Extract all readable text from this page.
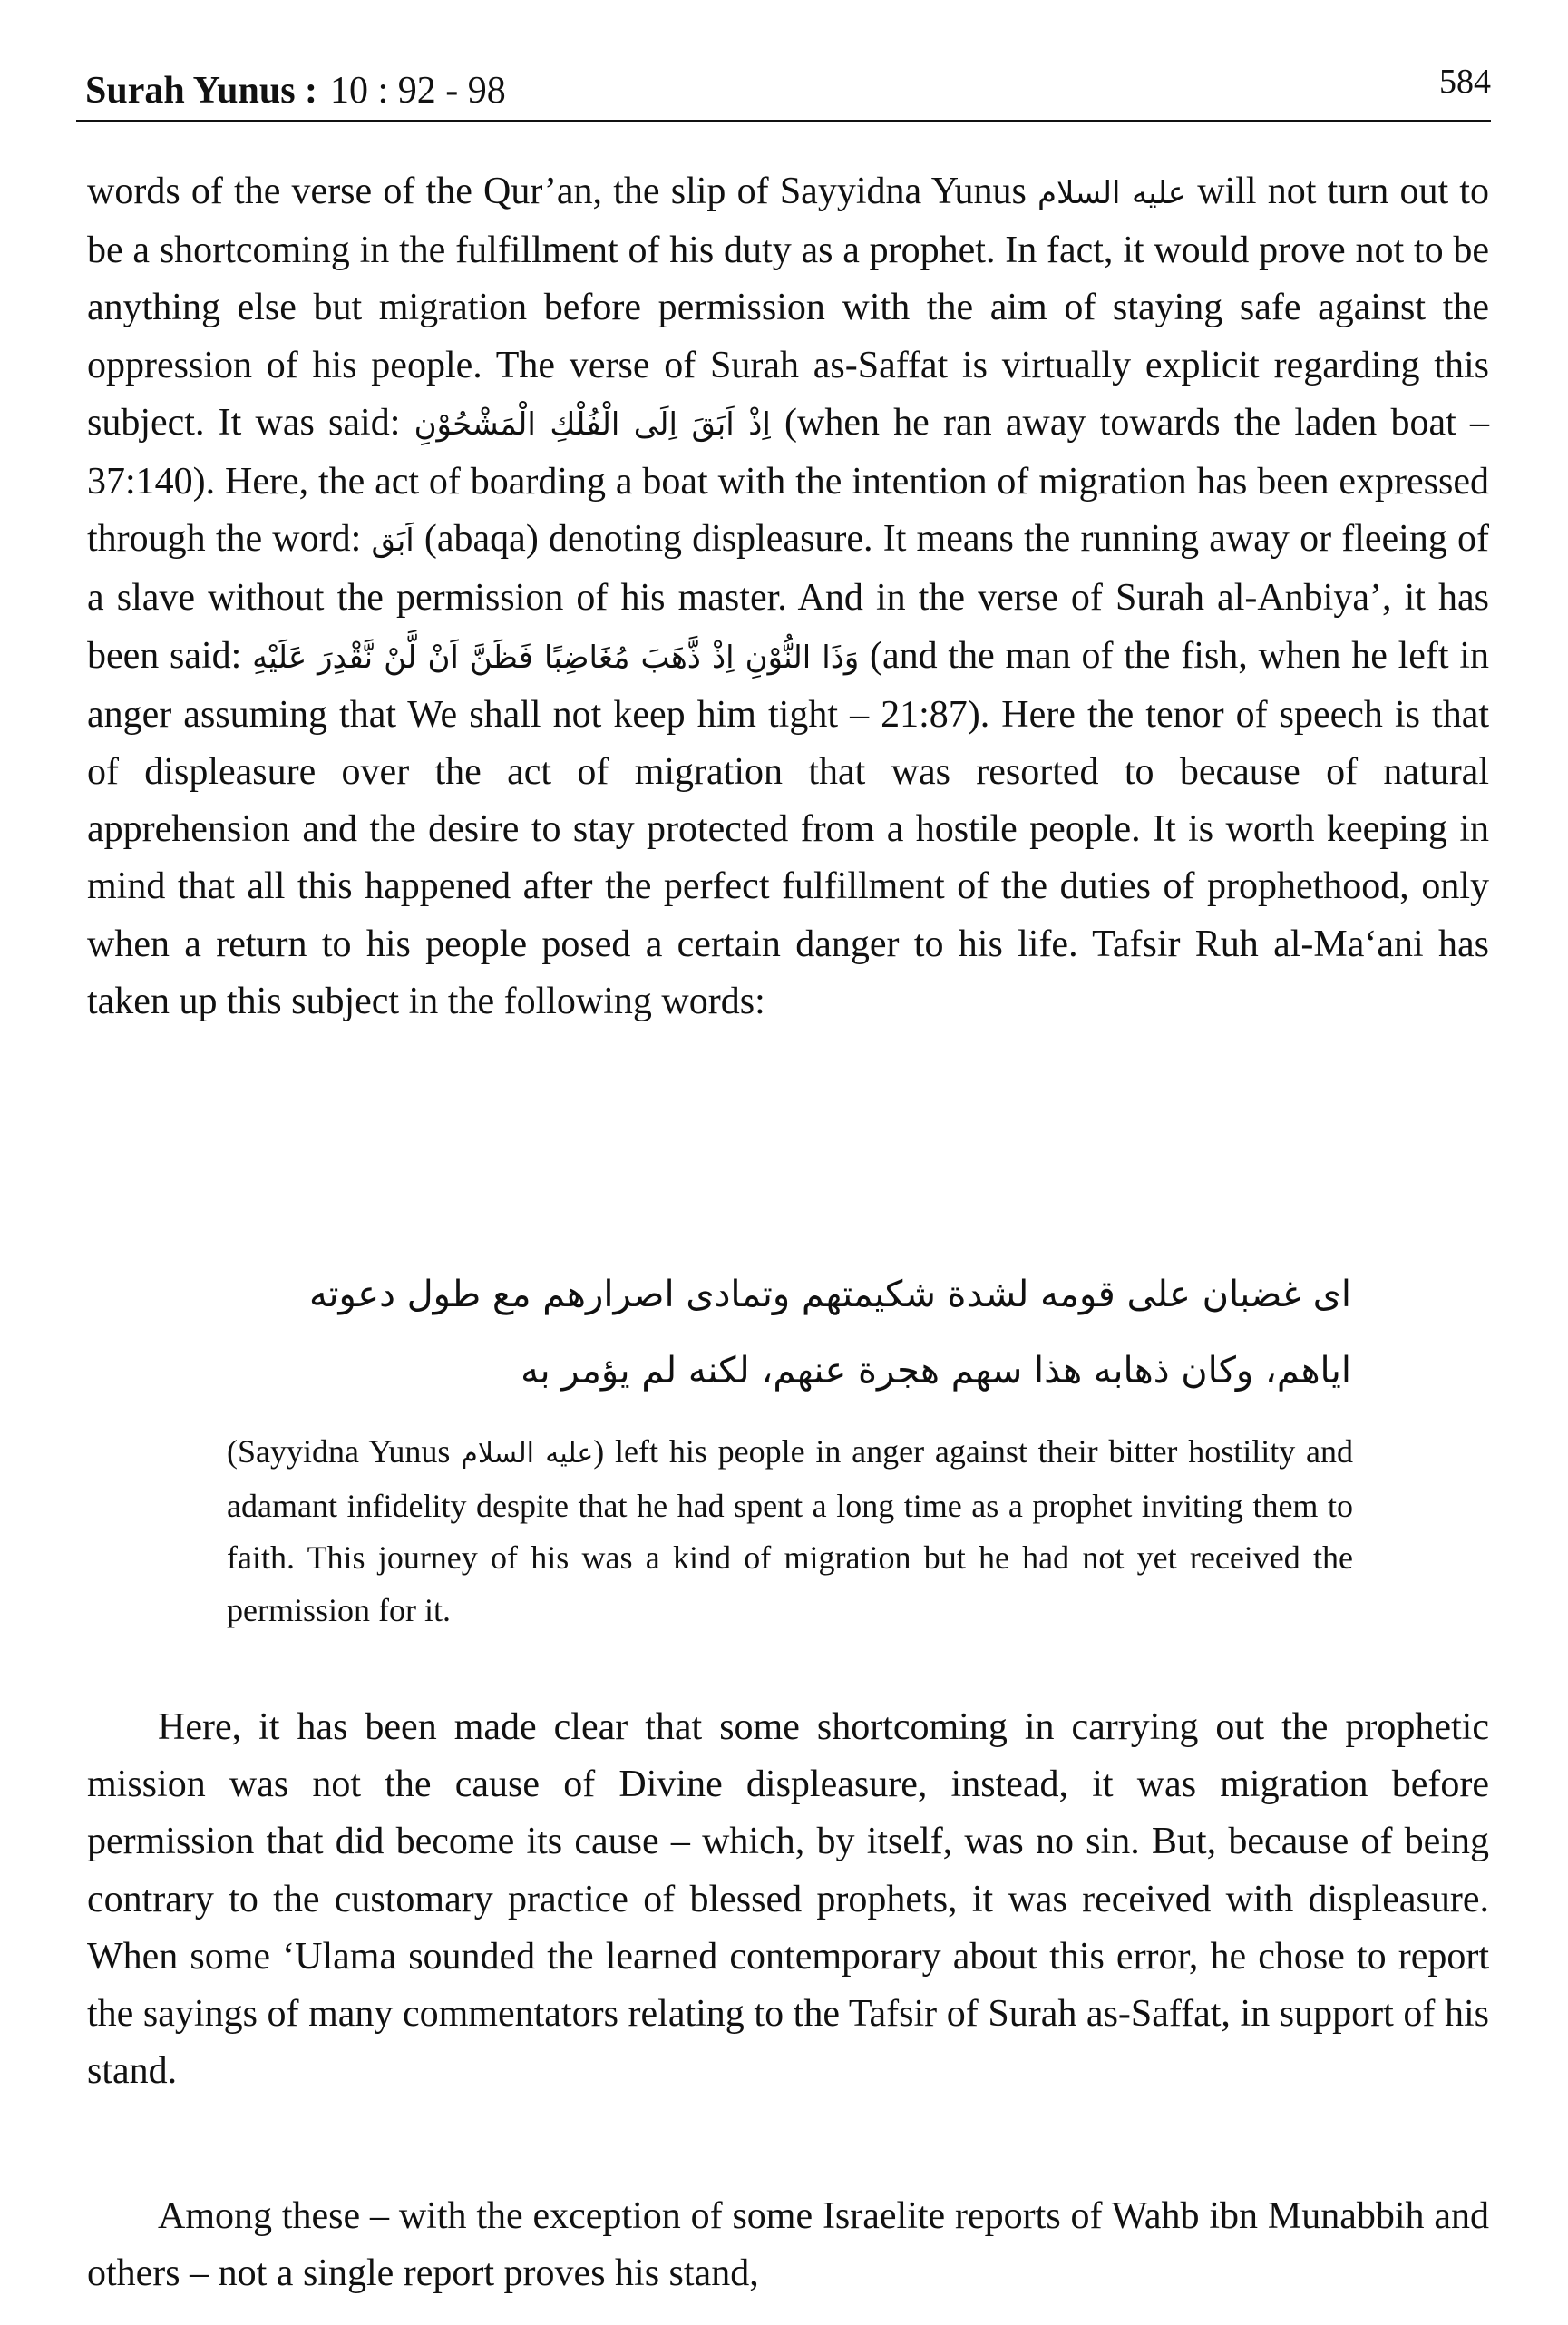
Surah Yunus : 10 : 92 - 98	584
words of the verse of the Qur’an, the slip of Sayyidna Yunus عليه السلام will not turn out to be a shortcoming in the fulfillment of his duty as a prophet. In fact, it would prove not to be anything else but migration before permission with the aim of staying safe against the oppression of his people. The verse of Surah as-Saffat is virtually explicit regarding this subject. It was said: اِذْ اَبَقَ اِلَى الْفُلْكِ الْمَشْحُوْنِ (when he ran away towards the laden boat – 37:140). Here, the act of boarding a boat with the intention of migration has been expressed through the word: اَبَق (abaqa) denoting displeasure. It means the running away or fleeing of a slave without the permission of his master. And in the verse of Surah al-Anbiya’, it has been said: وَذَا النُّوْنِ اِذْ ذَّهَبَ مُغَاضِبًا فَظَنَّ اَنْ لَّنْ نَّقْدِرَ عَلَيْهِ (and the man of the fish, when he left in anger assuming that We shall not keep him tight – 21:87). Here the tenor of speech is that of displeasure over the act of migration that was resorted to because of natural apprehension and the desire to stay protected from a hostile people. It is worth keeping in mind that all this happened after the perfect fulfillment of the duties of prophethood, only when a return to his people posed a certain danger to his life. Tafsir Ruh al-Ma‘ani has taken up this subject in the following words:
اى غضبان على قومه لشدة شكيمتهم وتمادى اصرارهم مع طول دعوته
اياهم، وكان ذهابه هذا سهم هجرة عنهم، لكنه لم يؤمر به
(Sayyidna Yunus عليه السلام) left his people in anger against their bitter hostility and adamant infidelity despite that he had spent a long time as a prophet inviting them to faith. This journey of his was a kind of migration but he had not yet received the permission for it.
Here, it has been made clear that some shortcoming in carrying out the prophetic mission was not the cause of Divine displeasure, instead, it was migration before permission that did become its cause – which, by itself, was no sin. But, because of being contrary to the customary practice of blessed prophets, it was received with displeasure. When some ‘Ulama sounded the learned contemporary about this error, he chose to report the sayings of many commentators relating to the Tafsir of Surah as-Saffat, in support of his stand.
Among these – with the exception of some Israelite reports of Wahb ibn Munabbih and others – not a single report proves his stand,
